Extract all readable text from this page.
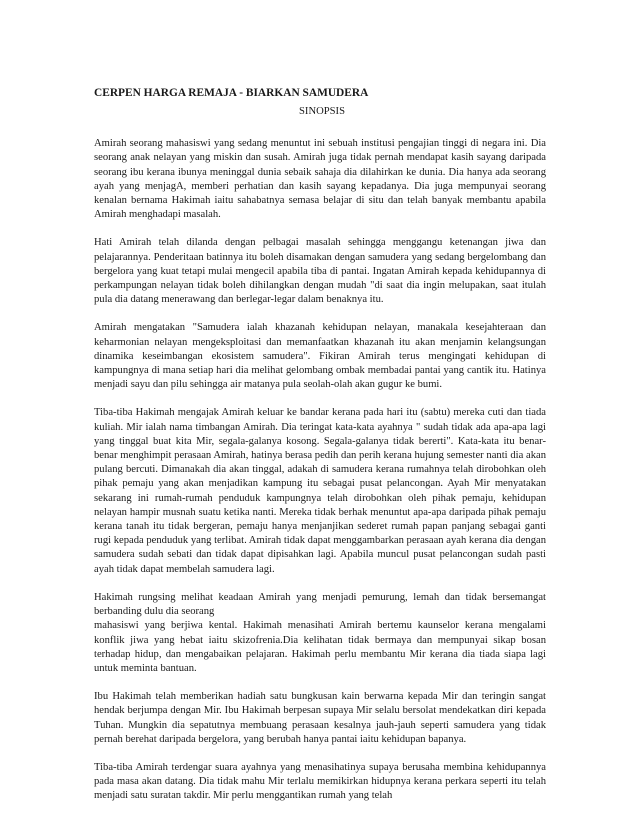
CERPEN HARGA REMAJA - BIARKAN SAMUDERA
SINOPSIS

Amirah seorang mahasiswi yang sedang menuntut ini sebuah institusi pengajian tinggi di negara ini. Dia seorang anak nelayan yang miskin dan susah. Amirah juga tidak pernah mendapat kasih sayang daripada seorang ibu kerana ibunya meninggal dunia sebaik sahaja dia dilahirkan ke dunia. Dia hanya ada seorang ayah yang menjagA, memberi perhatian dan kasih sayang kepadanya. Dia juga mempunyai seorang kenalan bernama Hakimah iaitu sahabatnya semasa belajar di situ dan telah banyak membantu apabila Amirah menghadapi masalah.

Hati Amirah telah dilanda dengan pelbagai masalah sehingga menggangu ketenangan jiwa dan pelajarannya. Penderitaan batinnya itu boleh disamakan dengan samudera yang sedang bergelombang dan bergelora yang kuat tetapi mulai mengecil apabila tiba di pantai. Ingatan Amirah kepada kehidupannya di perkampungan nelayan tidak boleh dihilangkan dengan mudah "di saat dia ingin melupakan, saat itulah pula dia datang menerawang dan berlegar-legar dalam benaknya itu.

Amirah mengatakan "Samudera ialah khazanah kehidupan nelayan, manakala kesejahteraan dan keharmonian nelayan mengeksploitasi dan memanfaatkan khazanah itu akan menjamin kelangsungan dinamika keseimbangan ekosistem samudera". Fikiran Amirah terus mengingati kehidupan di kampungnya di mana setiap hari dia melihat gelombang ombak membadai pantai yang cantik itu. Hatinya menjadi sayu dan pilu sehingga air matanya pula seolah-olah akan gugur ke bumi.

Tiba-tiba Hakimah mengajak Amirah keluar ke bandar kerana pada hari itu (sabtu) mereka cuti dan tiada kuliah. Mir ialah nama timbangan Amirah. Dia teringat kata-kata ayahnya " sudah tidak ada apa-apa lagi yang tinggal buat kita Mir, segala-galanya kosong. Segala-galanya tidak bererti". Kata-kata itu benar-benar menghimpit perasaan Amirah, hatinya berasa pedih dan perih kerana hujung semester nanti dia akan pulang bercuti. Dimanakah dia akan tinggal, adakah di samudera kerana rumahnya telah dirobohkan oleh pihak pemaju yang akan menjadikan kampung itu sebagai pusat pelancongan. Ayah Mir menyatakan sekarang ini rumah-rumah penduduk kampungnya telah dirobohkan oleh pihak pemaju, kehidupan nelayan hampir musnah suatu ketika nanti. Mereka tidak berhak menuntut apa-apa daripada pihak pemaju kerana tanah itu tidak bergeran, pemaju hanya menjanjikan sederet rumah papan panjang sebagai ganti rugi kepada penduduk yang terlibat. Amirah tidak dapat menggambarkan perasaan ayah kerana dia dengan samudera sudah sebati dan tidak dapat dipisahkan lagi. Apabila muncul pusat pelancongan sudah pasti ayah tidak dapat membelah samudera lagi.

Hakimah rungsing melihat keadaan Amirah yang menjadi pemurung, lemah dan tidak bersemangat berbanding dulu dia seorang
mahasiswi yang berjiwa kental. Hakimah menasihati Amirah bertemu kaunselor kerana mengalami konflik jiwa yang hebat iaitu skizofrenia.Dia kelihatan tidak bermaya dan mempunyai sikap bosan terhadap hidup, dan mengabaikan pelajaran. Hakimah perlu membantu Mir kerana dia tiada siapa lagi untuk meminta bantuan.

Ibu Hakimah telah memberikan hadiah satu bungkusan kain berwarna kepada Mir dan teringin sangat hendak berjumpa dengan Mir. Ibu Hakimah berpesan supaya Mir selalu bersolat mendekatkan diri kepada Tuhan. Mungkin dia sepatutnya membuang perasaan kesalnya jauh-jauh seperti samudera yang tidak pernah berehat daripada bergelora, yang berubah hanya pantai iaitu kehidupan bapanya.

Tiba-tiba Amirah terdengar suara ayahnya yang menasihatinya supaya berusaha membina kehidupannya pada masa akan datang. Dia tidak mahu Mir terlalu memikirkan hidupnya kerana perkara seperti itu telah menjadi satu suratan takdir. Mir perlu menggantikan rumah yang telah
